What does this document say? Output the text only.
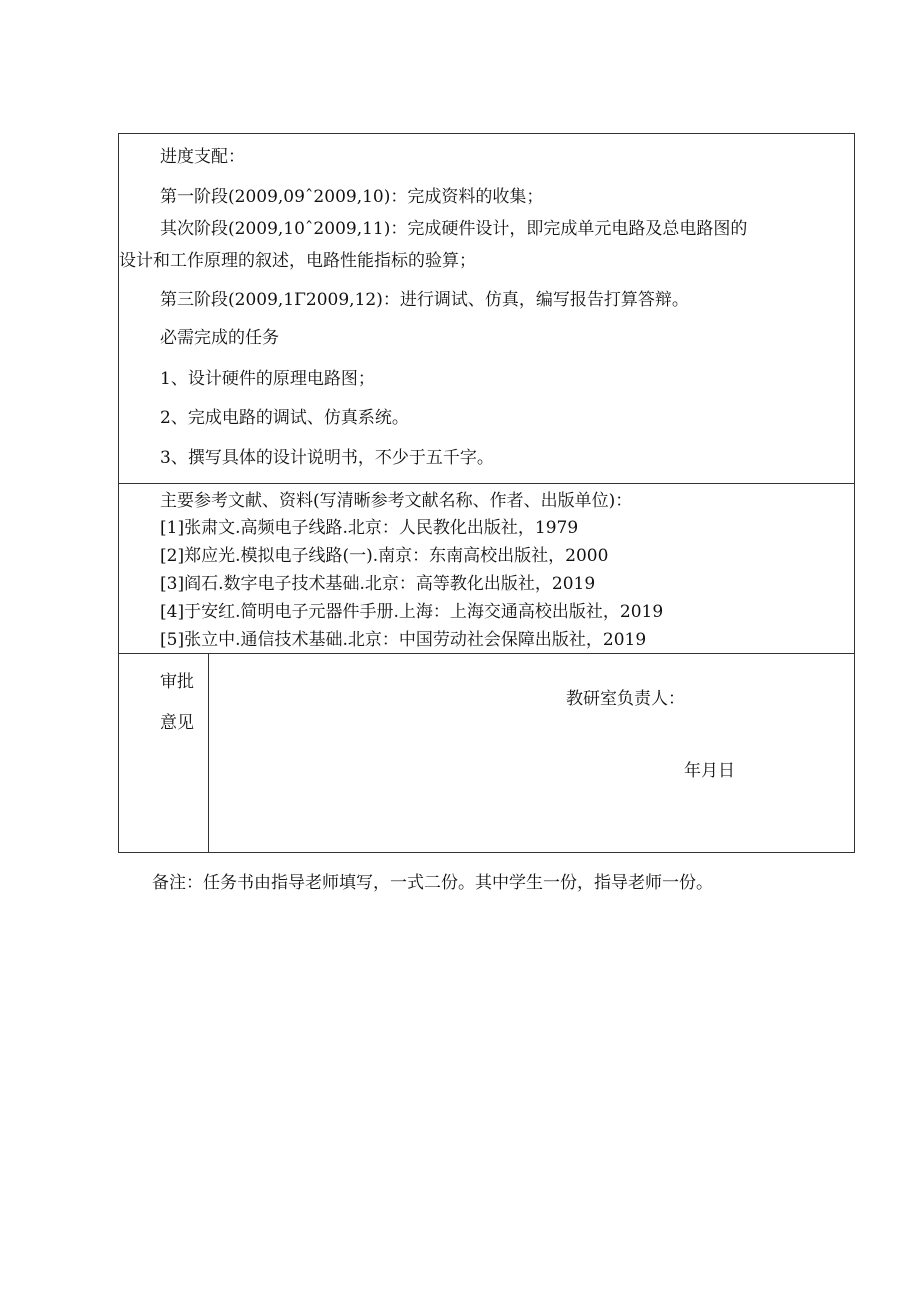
进度支配：
第一阶段(2009,09ˆ2009,10)：完成资料的收集；
其次阶段(2009,10ˆ2009,11)：完成硬件设计，即完成单元电路及总电路图的
设计和工作原理的叙述，电路性能指标的验算；
第三阶段(2009,1Γ2009,12)：进行调试、仿真，编写报告打算答辩。
必需完成的任务
1、设计硬件的原理电路图；
2、完成电路的调试、仿真系统。
3、撰写具体的设计说明书，不少于五千字。
主要参考文献、资料(写清晰参考文献名称、作者、出版单位)：
[1]张肃文.高频电子线路.北京：人民教化出版社，1979
[2]郑应光.模拟电子线路(一).南京：东南高校出版社，2000
[3]阎石.数字电子技术基础.北京：高等教化出版社，2019
[4]于安红.简明电子元器件手册.上海：上海交通高校出版社，2019
[5]张立中.通信技术基础.北京：中国劳动社会保障出版社，2019
审批
意见
教研室负责人：
年月日
备注：任务书由指导老师填写，一式二份。其中学生一份，指导老师一份。
